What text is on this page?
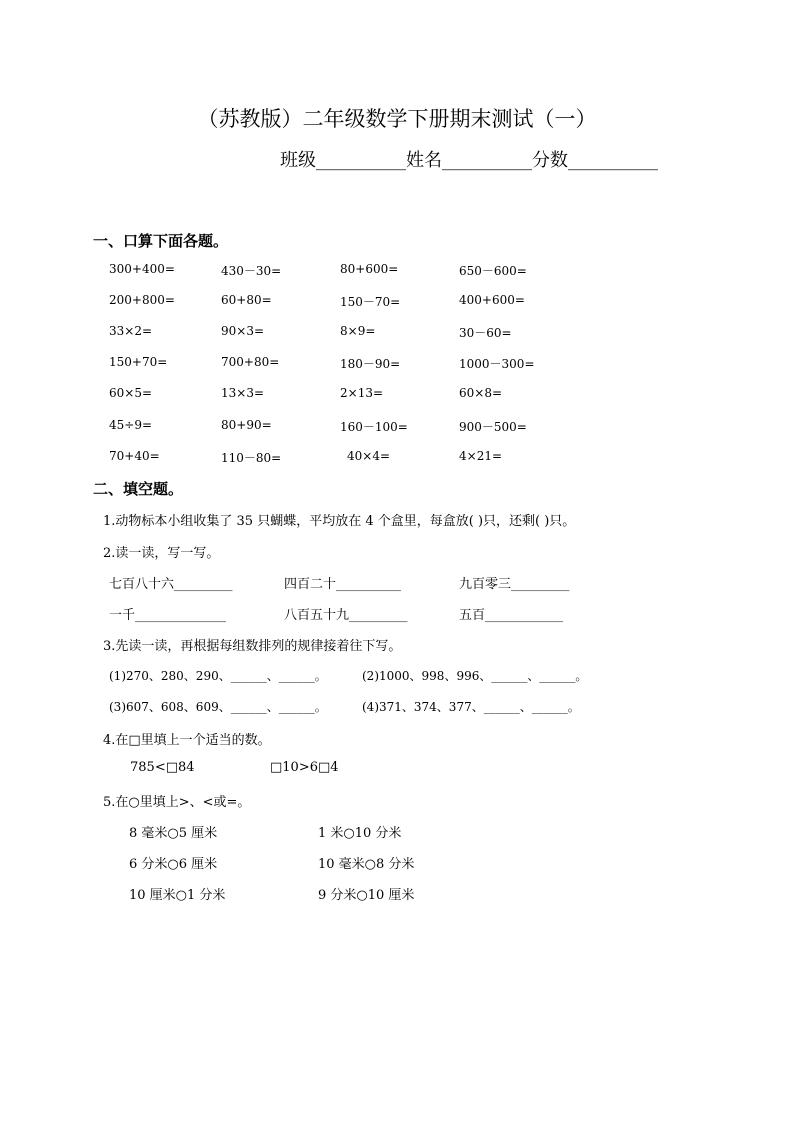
（苏教版）二年级数学下册期末测试（一）
班级__________姓名__________分数__________
一、口算下面各题。
300+400=	430－30=	80+600=	650－600=
200+800=	60+80=	150－70=	400+600=
33×2=	90×3=	8×9=	30－60=
150+70=	700+80=	180－90=	1000－300=
60×5=	13×3=	2×13=	60×8=
45÷9=	80+90=	160－100=	900－500=
70+40=	110－80=	40×4=	4×21=
二、填空题。
1.动物标本小组收集了 35 只蝴蝶，平均放在 4 个盒里，每盒放( )只，还剩( )只。
2.读一读，写一写。
七百八十六_________	四百二十__________	九百零三_________
一千______________	八百五十九_________	五百____________
3.先读一读，再根据每组数排列的规律接着往下写。
(1)270、280、290、______、______。	(2)1000、998、996、______、______。
(3)607、608、609、______、______。	(4)371、374、377、______、______。
4.在□里填上一个适当的数。
785<□84	□10>6□4
5.在○里填上>、<或=。
8 毫米○5 厘米	1 米○10 分米
6 分米○6 厘米	10 毫米○8 分米
10 厘米○1 分米	9 分米○10 厘米
